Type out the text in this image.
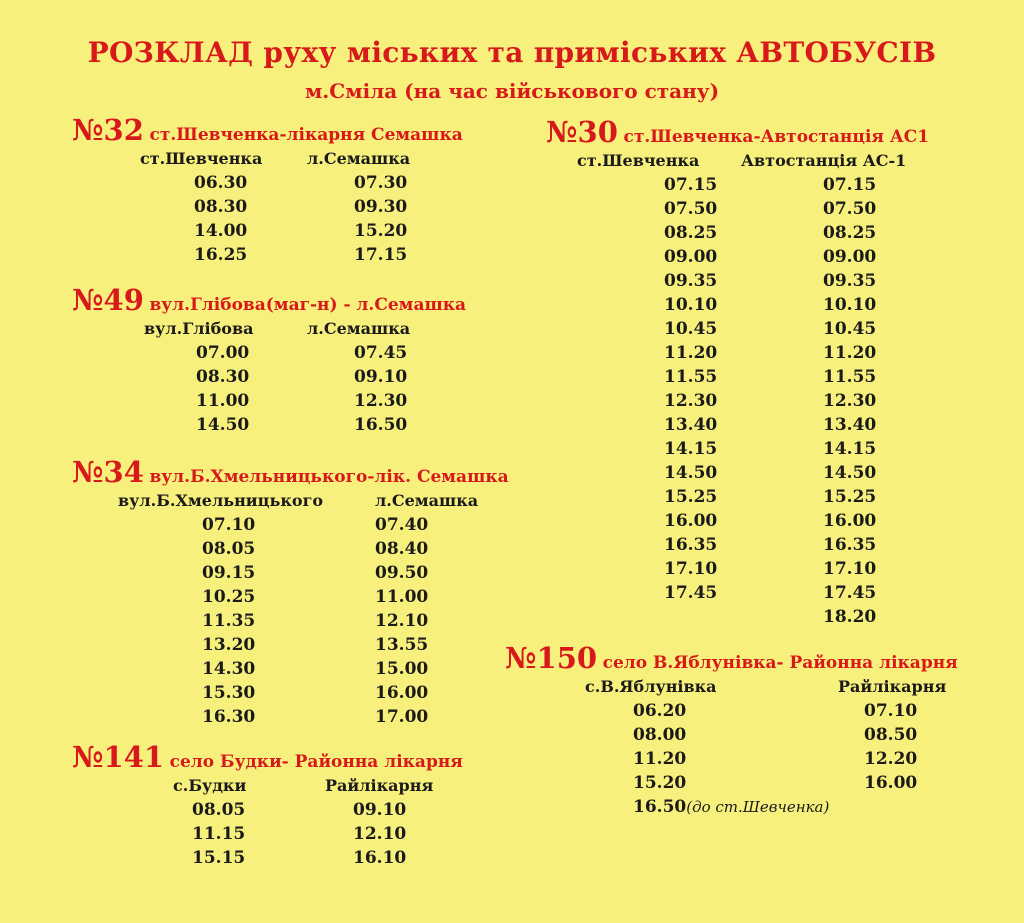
РОЗКЛАД руху міських та приміських АВТОБУСІВ
м.Сміла (на час військового стану)
№32 ст.Шевченка-лікарня Семашка
ст.Шевченка
06.30
08.30
14.00
16.25
л.Семашка
07.30
09.30
15.20
17.15
№49 вул.Глібова(маг-н) - л.Семашка
вул.Глібова
07.00
08.30
11.00
14.50
л.Семашка
07.45
09.10
12.30
16.50
№34 вул.Б.Хмельницького-лік. Семашка
вул.Б.Хмельницького
07.10
08.05
09.15
10.25
11.35
13.20
14.30
15.30
16.30
л.Семашка
07.40
08.40
09.50
11.00
12.10
13.55
15.00
16.00
17.00
№141 село Будки- Районна лікарня
с.Будки
08.05
11.15
15.15
Райлікарня
09.10
12.10
16.10
№30 ст.Шевченка-Автостанція АС1
ст.Шевченка
07.15
07.50
08.25
09.00
09.35
10.10
10.45
11.20
11.55
12.30
13.40
14.15
14.50
15.25
16.00
16.35
17.10
17.45
Автостанція АС-1
07.15
07.50
08.25
09.00
09.35
10.10
10.45
11.20
11.55
12.30
13.40
14.15
14.50
15.25
16.00
16.35
17.10
17.45
18.20
№150 село В.Яблунівка- Районна лікарня
с.В.Яблунівка
06.20
08.00
11.20
15.20
16.50(до ст.Шевченка)
Райлікарня
07.10
08.50
12.20
16.00
